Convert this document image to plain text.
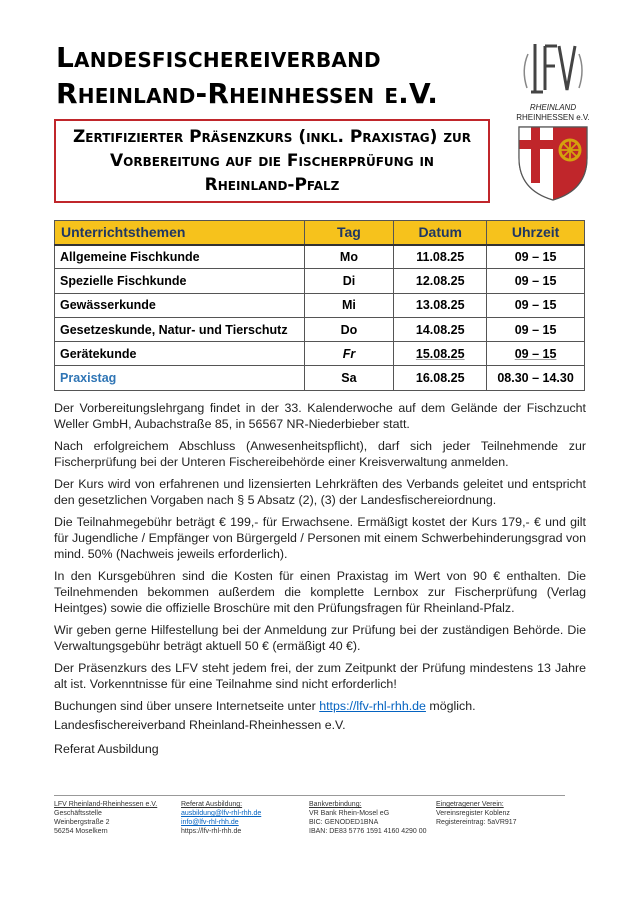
Landesfischereiverband
Rheinland-Rheinhessen e.V.
LFV
RHEINLAND
RHEINHESSEN e.V.
Zertifizierter Präsenzkurs (inkl. Praxistag) zur Vorbereitung auf die Fischerprüfung in Rheinland-Pfalz
Unterrichtsthemen	Tag	Datum	Uhrzeit
Allgemeine Fischkunde	Mo	11.08.25	09 – 15
Spezielle Fischkunde	Di	12.08.25	09 – 15
Gewässerkunde	Mi	13.08.25	09 – 15
Gesetzeskunde, Natur- und Tierschutz	Do	14.08.25	09 – 15
Gerätekunde	Fr	15.08.25	09 – 15
Praxistag	Sa	16.08.25	08.30 – 14.30

Der Vorbereitungslehrgang findet in der 33. Kalenderwoche auf dem Gelände der Fischzucht Weller GmbH, Aubachstraße 85, in 56567 NR-Niederbieber statt.

Nach erfolgreichem Abschluss (Anwesenheitspflicht), darf sich jeder Teilnehmende zur Fischerprüfung bei der Unteren Fischereibehörde einer Kreisverwaltung anmelden.

Der Kurs wird von erfahrenen und lizensierten Lehrkräften des Verbands geleitet und entspricht den gesetzlichen Vorgaben nach § 5 Absatz (2), (3) der Landesfischereiordnung.

Die Teilnahmegebühr beträgt € 199,- für Erwachsene. Ermäßigt kostet der Kurs 179,- € und gilt für Jugendliche / Empfänger von Bürgergeld / Personen mit einem Schwerbehinderungsgrad von mind. 50% (Nachweis jeweils erforderlich).

In den Kursgebühren sind die Kosten für einen Praxistag im Wert von 90 € enthalten. Die Teilnehmenden bekommen außerdem die komplette Lernbox zur Fischerprüfung (Verlag Heintges) sowie die offizielle Broschüre mit den Prüfungsfragen für Rheinland-Pfalz.

Wir geben gerne Hilfestellung bei der Anmeldung zur Prüfung bei der zuständigen Behörde. Die Verwaltungsgebühr beträgt aktuell 50 € (ermäßigt 40 €).

Der Präsenzkurs des LFV steht jedem frei, der zum Zeitpunkt der Prüfung mindestens 13 Jahre alt ist. Vorkenntnisse für eine Teilnahme sind nicht erforderlich!

Buchungen sind über unsere Internetseite unter https://lfv-rhl-rhh.de möglich.

Landesfischereiverband Rheinland-Rheinhessen e.V.
Referat Ausbildung
LFV Rheinland-Rheinhessen e.V.
Geschäftsstelle
Weinbergstraße 2
56254 Moselkern
Referat Ausbildung:
ausbildung@lfv-rhl-rhh.de
info@lfv-rhl-rhh.de
https://lfv-rhl-rhh.de
Bankverbindung:
VR Bank Rhein-Mosel eG
BIC: GENODED1BNA
IBAN: DE83 5776 1591 4160 4290 00
Eingetragener Verein:
Vereinsregister Koblenz
Registereintrag: 5aVR917
